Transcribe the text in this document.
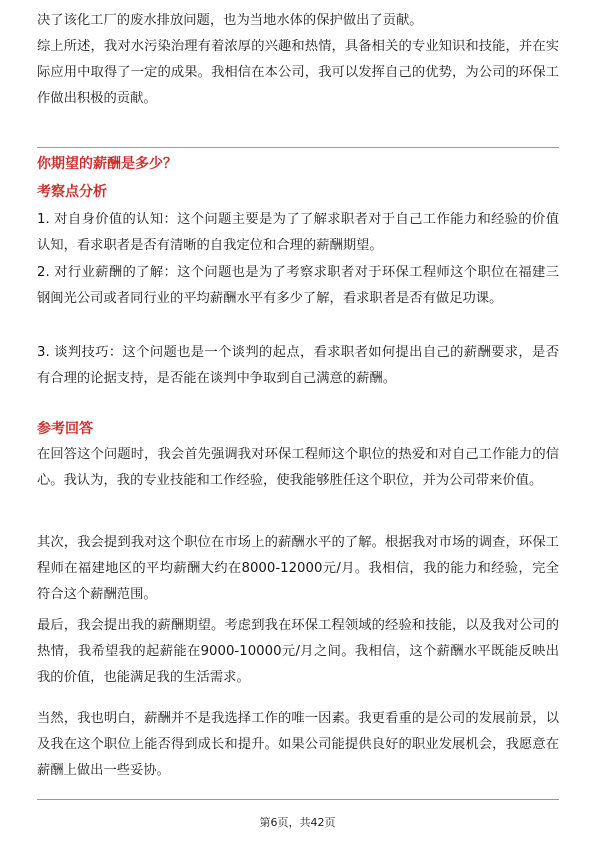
决了该化工厂的废水排放问题，也为当地水体的保护做出了贡献。

综上所述，我对水污染治理有着浓厚的兴趣和热情，具备相关的专业知识和技能，并在实际应用中取得了一定的成果。我相信在本公司，我可以发挥自己的优势，为公司的环保工作做出积极的贡献。

你期望的薪酬是多少？

考察点分析

1. 对自身价值的认知：这个问题主要是为了了解求职者对于自己工作能力和经验的价值认知，看求职者是否有清晰的自我定位和合理的薪酬期望。

2. 对行业薪酬的了解：这个问题也是为了考察求职者对于环保工程师这个职位在福建三钢闽光公司或者同行业的平均薪酬水平有多少了解，看求职者是否有做足功课。

3. 谈判技巧：这个问题也是一个谈判的起点，看求职者如何提出自己的薪酬要求，是否有合理的论据支持，是否能在谈判中争取到自己满意的薪酬。

参考回答

在回答这个问题时，我会首先强调我对环保工程师这个职位的热爱和对自己工作能力的信心。我认为，我的专业技能和工作经验，使我能够胜任这个职位，并为公司带来价值。

其次，我会提到我对这个职位在市场上的薪酬水平的了解。根据我对市场的调查，环保工程师在福建地区的平均薪酬大约在8000-12000元/月。我相信，我的能力和经验，完全符合这个薪酬范围。

最后，我会提出我的薪酬期望。考虑到我在环保工程领域的经验和技能，以及我对公司的热情，我希望我的起薪能在9000-10000元/月之间。我相信，这个薪酬水平既能反映出我的价值，也能满足我的生活需求。

当然，我也明白，薪酬并不是我选择工作的唯一因素。我更看重的是公司的发展前景，以及我在这个职位上能否得到成长和提升。如果公司能提供良好的职业发展机会，我愿意在薪酬上做出一些妥协。

第6页，共42页
